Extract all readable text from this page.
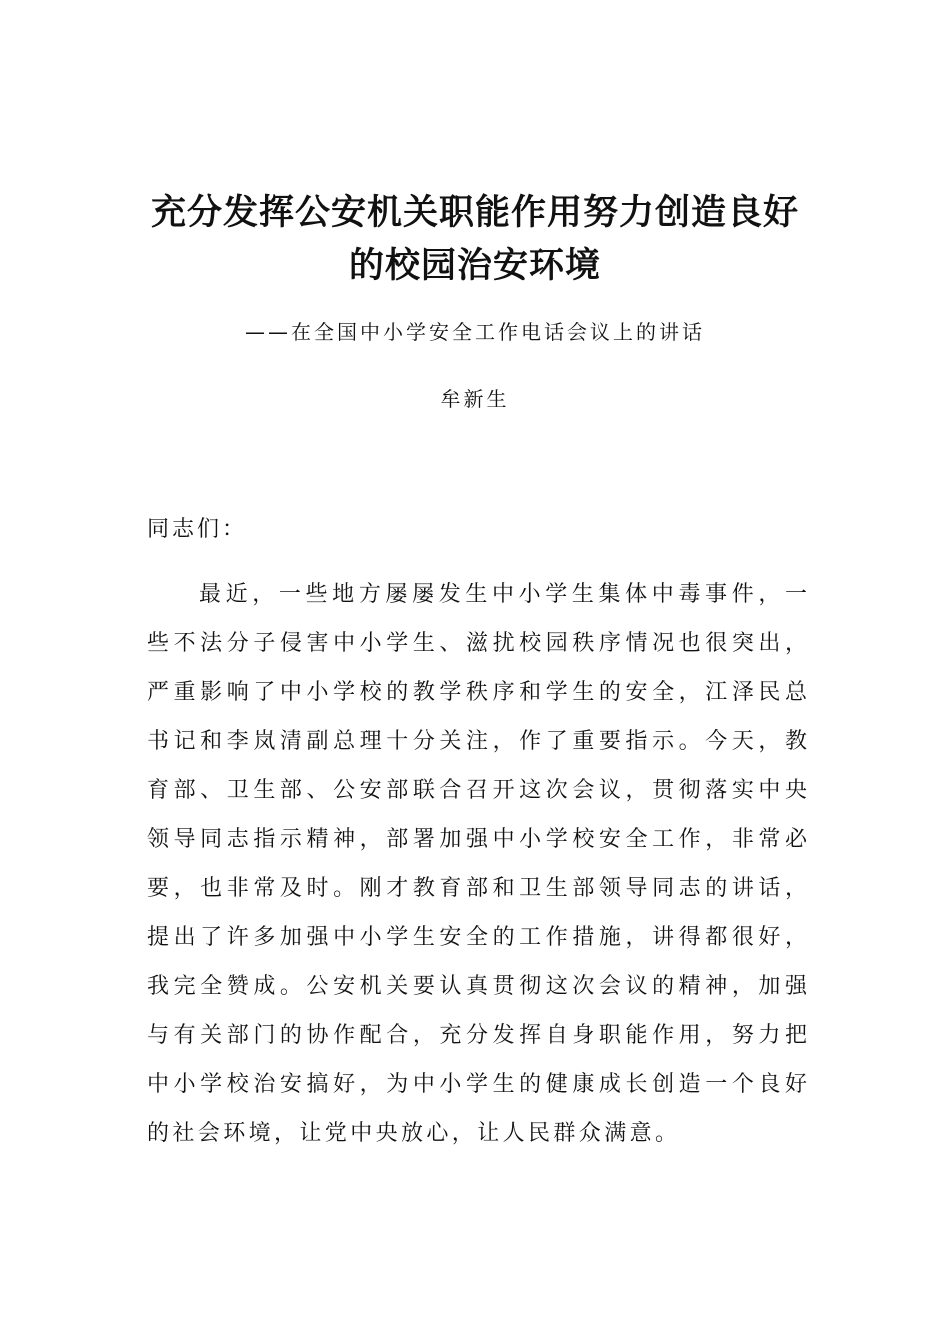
充分发挥公安机关职能作用努力创造良好
的校园治安环境
——在全国中小学安全工作电话会议上的讲话
牟新生
同志们：
最近，一些地方屡屡发生中小学生集体中毒事件，一
些不法分子侵害中小学生、滋扰校园秩序情况也很突出，
严重影响了中小学校的教学秩序和学生的安全，江泽民总
书记和李岚清副总理十分关注，作了重要指示。今天，教
育部、卫生部、公安部联合召开这次会议，贯彻落实中央
领导同志指示精神，部署加强中小学校安全工作，非常必
要，也非常及时。刚才教育部和卫生部领导同志的讲话，
提出了许多加强中小学生安全的工作措施，讲得都很好，
我完全赞成。公安机关要认真贯彻这次会议的精神，加强
与有关部门的协作配合，充分发挥自身职能作用，努力把
中小学校治安搞好，为中小学生的健康成长创造一个良好
的社会环境，让党中央放心，让人民群众满意。
